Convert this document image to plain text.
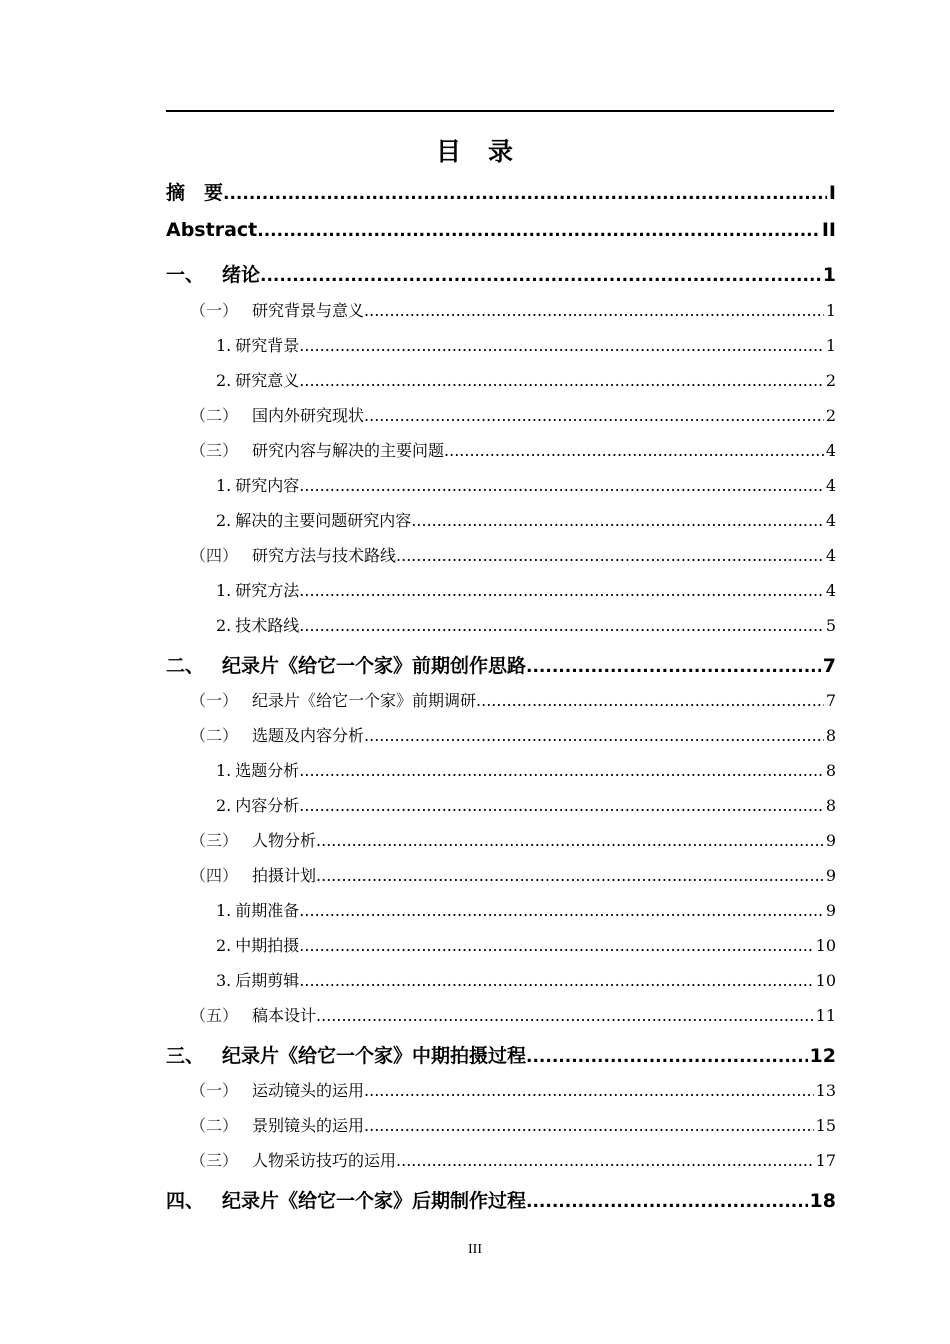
目　录
摘　要 .....	I
Abstract .....	II
一、 绪论 .....	1
（一） 研究背景与意义 .....	1
1. 研究背景 .....	1
2. 研究意义 .....	2
（二） 国内外研究现状 .....	2
（三） 研究内容与解决的主要问题 .....	4
1. 研究内容 .....	4
2. 解决的主要问题研究内容 .....	4
（四） 研究方法与技术路线 .....	4
1. 研究方法 .....	4
2. 技术路线 .....	5
二、 纪录片《给它一个家》前期创作思路 .....	7
（一） 纪录片《给它一个家》前期调研 .....	7
（二） 选题及内容分析 .....	8
1. 选题分析 .....	8
2. 内容分析 .....	8
（三） 人物分析 .....	9
（四） 拍摄计划 .....	9
1. 前期准备 .....	9
2. 中期拍摄 .....	10
3. 后期剪辑 .....	10
（五） 稿本设计 .....	11
三、 纪录片《给它一个家》中期拍摄过程 .....	12
（一） 运动镜头的运用 .....	13
（二） 景别镜头的运用 .....	15
（三） 人物采访技巧的运用 .....	17
四、 纪录片《给它一个家》后期制作过程 .....	18
III
